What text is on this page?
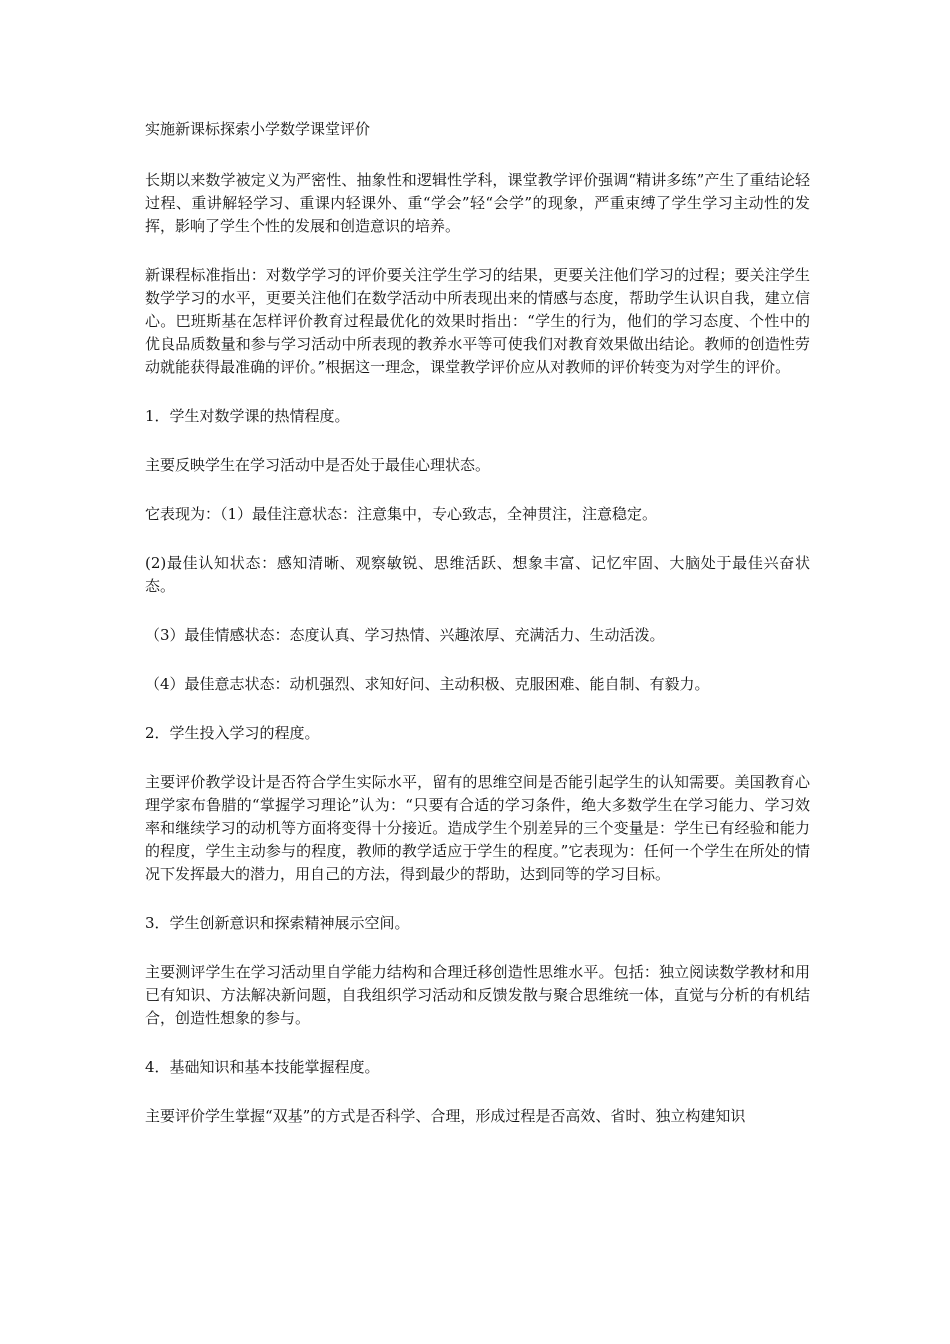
实施新课标探索小学数学课堂评价

长期以来数学被定义为严密性、抽象性和逻辑性学科，课堂教学评价强调“精讲多练”产生了重结论轻过程、重讲解轻学习、重课内轻课外、重“学会”轻“会学”的现象，严重束缚了学生学习主动性的发挥，影响了学生个性的发展和创造意识的培养。

新课程标准指出：对数学学习的评价要关注学生学习的结果，更要关注他们学习的过程；要关注学生数学学习的水平，更要关注他们在数学活动中所表现出来的情感与态度，帮助学生认识自我，建立信心。巴班斯基在怎样评价教育过程最优化的效果时指出：“学生的行为，他们的学习态度、个性中的优良品质数量和参与学习活动中所表现的教养水平等可使我们对教育效果做出结论。教师的创造性劳动就能获得最准确的评价。”根据这一理念，课堂教学评价应从对教师的评价转变为对学生的评价。

1．学生对数学课的热情程度。

主要反映学生在学习活动中是否处于最佳心理状态。

它表现为：（1）最佳注意状态：注意集中，专心致志，全神贯注，注意稳定。

(2)最佳认知状态：感知清晰、观察敏锐、思维活跃、想象丰富、记忆牢固、大脑处于最佳兴奋状态。

（3）最佳情感状态：态度认真、学习热情、兴趣浓厚、充满活力、生动活泼。

（4）最佳意志状态：动机强烈、求知好问、主动积极、克服困难、能自制、有毅力。

2．学生投入学习的程度。

主要评价教学设计是否符合学生实际水平，留有的思维空间是否能引起学生的认知需要。美国教育心理学家布鲁腊的“掌握学习理论”认为：“只要有合适的学习条件，绝大多数学生在学习能力、学习效率和继续学习的动机等方面将变得十分接近。造成学生个别差异的三个变量是：学生已有经验和能力的程度，学生主动参与的程度，教师的教学适应于学生的程度。”它表现为：任何一个学生在所处的情况下发挥最大的潜力，用自己的方法，得到最少的帮助，达到同等的学习目标。

3．学生创新意识和探索精神展示空间。

主要测评学生在学习活动里自学能力结构和合理迁移创造性思维水平。包括：独立阅读数学教材和用已有知识、方法解决新问题，自我组织学习活动和反馈发散与聚合思维统一体，直觉与分析的有机结合，创造性想象的参与。

4．基础知识和基本技能掌握程度。

主要评价学生掌握“双基”的方式是否科学、合理，形成过程是否高效、省时、独立构建知识
